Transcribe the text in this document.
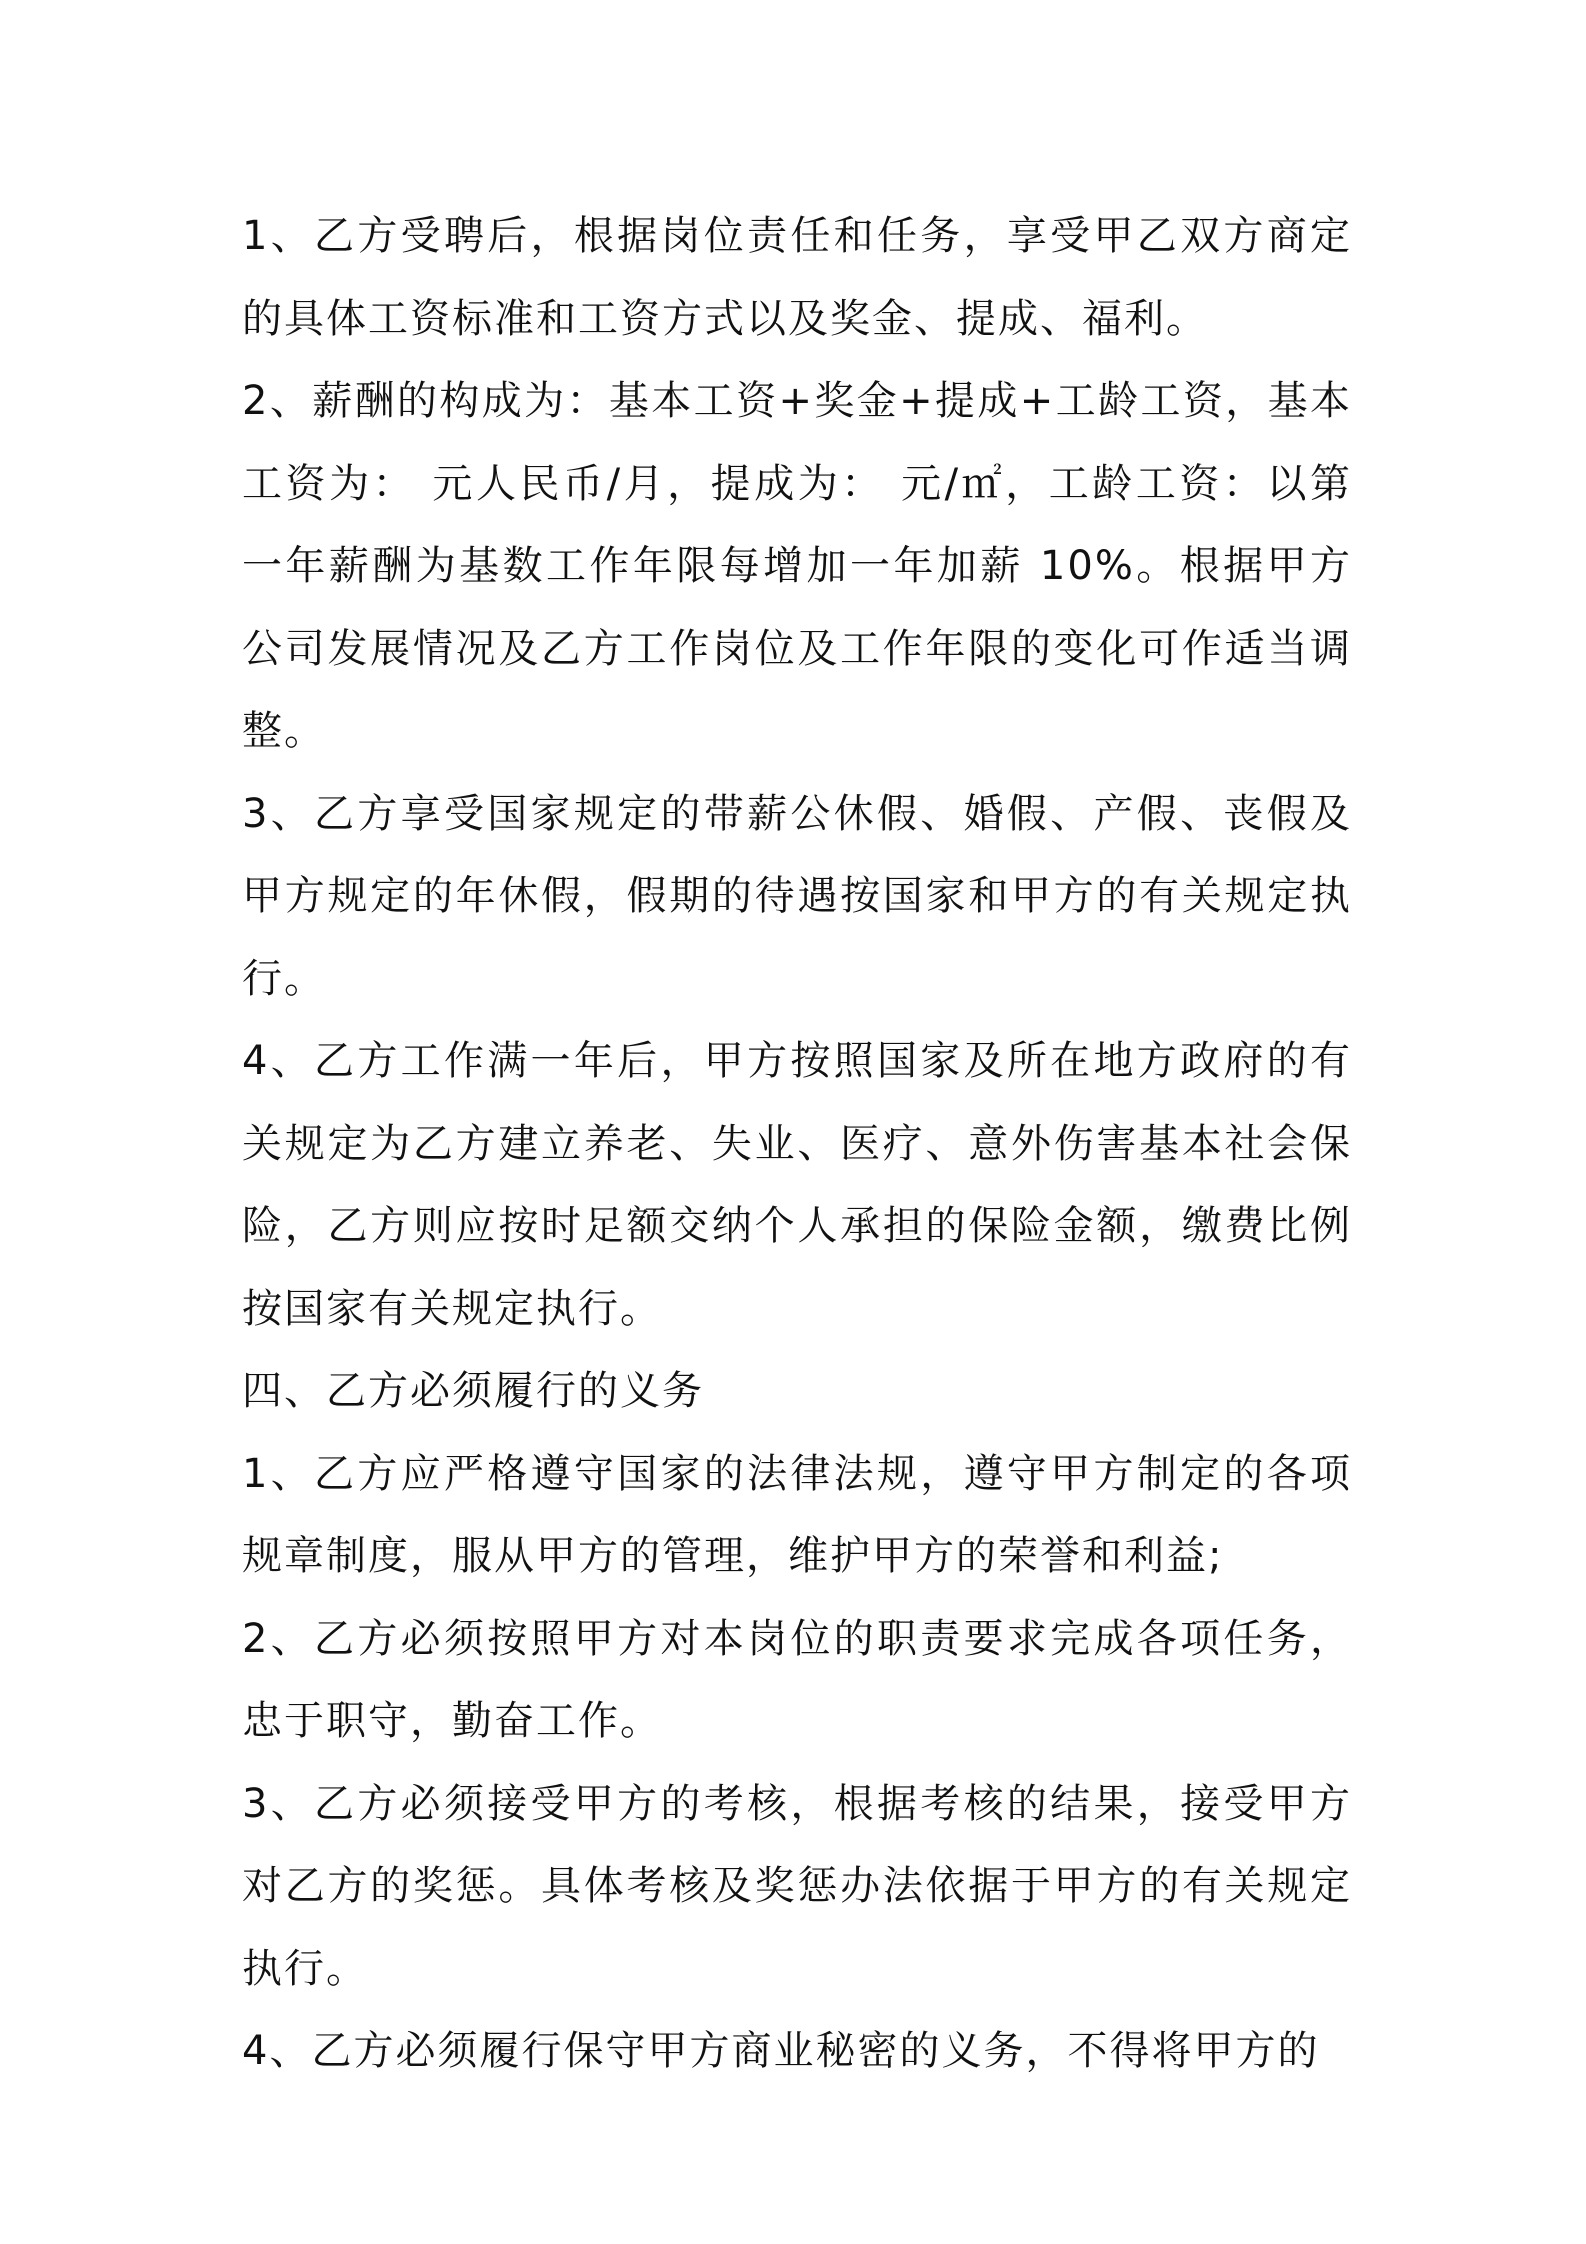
1、乙方受聘后，根据岗位责任和任务，享受甲乙双方商定的具体工资标准和工资方式以及奖金、提成、福利。

2、薪酬的构成为：基本工资+奖金+提成+工龄工资，基本工资为： 元人民币/月，提成为： 元/㎡，工龄工资：以第一年薪酬为基数工作年限每增加一年加薪 10%。根据甲方公司发展情况及乙方工作岗位及工作年限的变化可作适当调整。

3、乙方享受国家规定的带薪公休假、婚假、产假、丧假及甲方规定的年休假，假期的待遇按国家和甲方的有关规定执行。

4、乙方工作满一年后，甲方按照国家及所在地方政府的有关规定为乙方建立养老、失业、医疗、意外伤害基本社会保险，乙方则应按时足额交纳个人承担的保险金额，缴费比例按国家有关规定执行。

四、乙方必须履行的义务

1、乙方应严格遵守国家的法律法规，遵守甲方制定的各项规章制度，服从甲方的管理，维护甲方的荣誉和利益;

2、乙方必须按照甲方对本岗位的职责要求完成各项任务，忠于职守，勤奋工作。

3、乙方必须接受甲方的考核，根据考核的结果，接受甲方对乙方的奖惩。具体考核及奖惩办法依据于甲方的有关规定执行。

4、乙方必须履行保守甲方商业秘密的义务，不得将甲方的
